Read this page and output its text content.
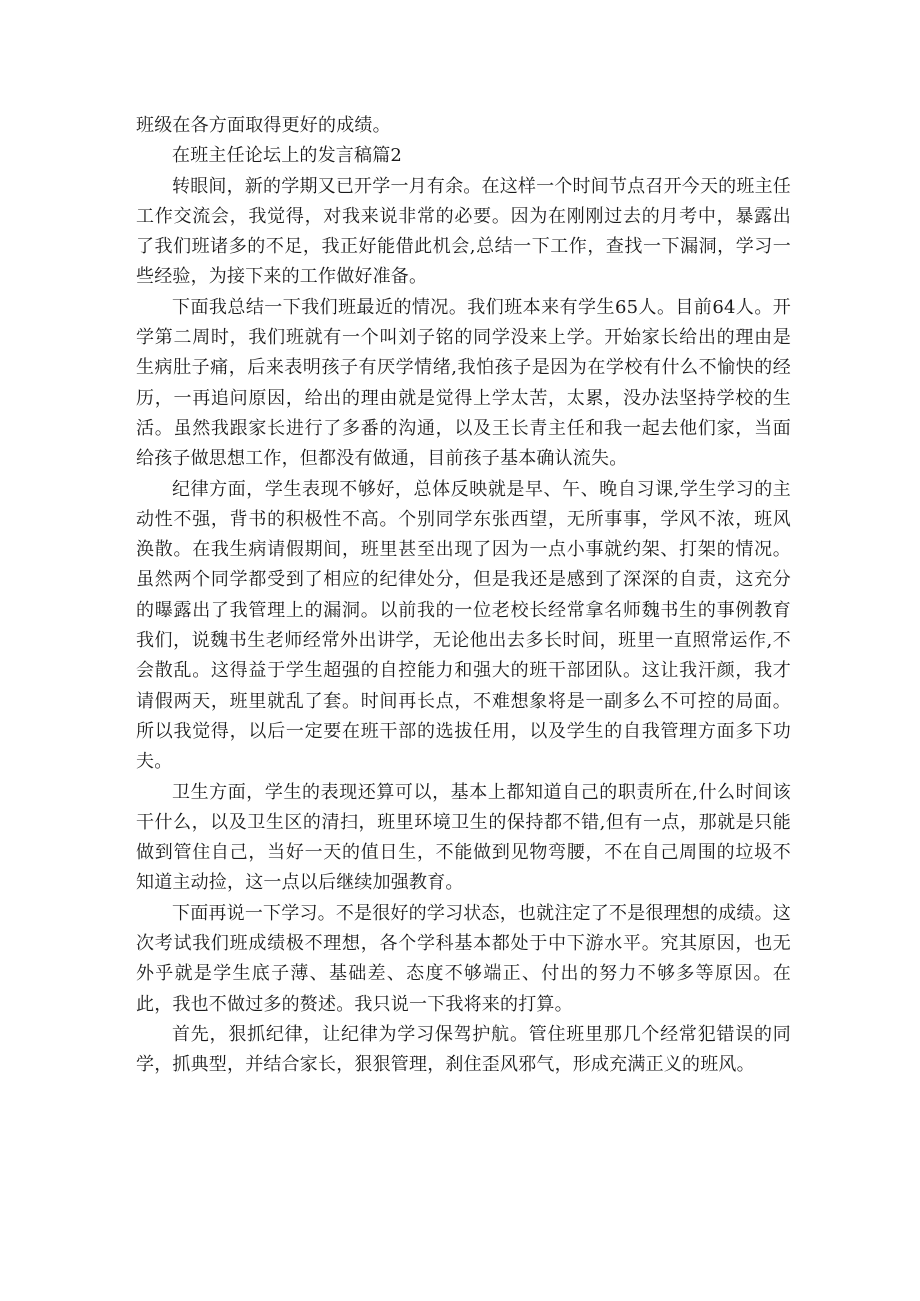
班级在各方面取得更好的成绩。

在班主任论坛上的发言稿篇2

转眼间，新的学期又已开学一月有余。在这样一个时间节点召开今天的班主任工作交流会，我觉得，对我来说非常的必要。因为在刚刚过去的月考中，暴露出了我们班诸多的不足，我正好能借此机会,总结一下工作，查找一下漏洞，学习一些经验，为接下来的工作做好准备。

下面我总结一下我们班最近的情况。我们班本来有学生65人。目前64人。开学第二周时，我们班就有一个叫刘子铭的同学没来上学。开始家长给出的理由是生病肚子痛，后来表明孩子有厌学情绪,我怕孩子是因为在学校有什么不愉快的经历，一再追问原因，给出的理由就是觉得上学太苦，太累，没办法坚持学校的生活。虽然我跟家长进行了多番的沟通，以及王长青主任和我一起去他们家，当面给孩子做思想工作，但都没有做通，目前孩子基本确认流失。

纪律方面，学生表现不够好，总体反映就是早、午、晚自习课,学生学习的主动性不强，背书的积极性不高。个别同学东张西望，无所事事，学风不浓，班风涣散。在我生病请假期间，班里甚至出现了因为一点小事就约架、打架的情况。虽然两个同学都受到了相应的纪律处分，但是我还是感到了深深的自责，这充分的曝露出了我管理上的漏洞。以前我的一位老校长经常拿名师魏书生的事例教育我们，说魏书生老师经常外出讲学，无论他出去多长时间，班里一直照常运作,不会散乱。这得益于学生超强的自控能力和强大的班干部团队。这让我汗颜，我才请假两天，班里就乱了套。时间再长点，不难想象将是一副多么不可控的局面。所以我觉得，以后一定要在班干部的选拔任用，以及学生的自我管理方面多下功夫。

卫生方面，学生的表现还算可以，基本上都知道自己的职责所在,什么时间该干什么，以及卫生区的清扫，班里环境卫生的保持都不错,但有一点，那就是只能做到管住自己，当好一天的值日生，不能做到见物弯腰，不在自己周围的垃圾不知道主动捡，这一点以后继续加强教育。

下面再说一下学习。不是很好的学习状态，也就注定了不是很理想的成绩。这次考试我们班成绩极不理想，各个学科基本都处于中下游水平。究其原因，也无外乎就是学生底子薄、基础差、态度不够端正、付出的努力不够多等原因。在此，我也不做过多的赘述。我只说一下我将来的打算。

首先，狠抓纪律，让纪律为学习保驾护航。管住班里那几个经常犯错误的同学，抓典型，并结合家长，狠狠管理，刹住歪风邪气，形成充满正义的班风。
